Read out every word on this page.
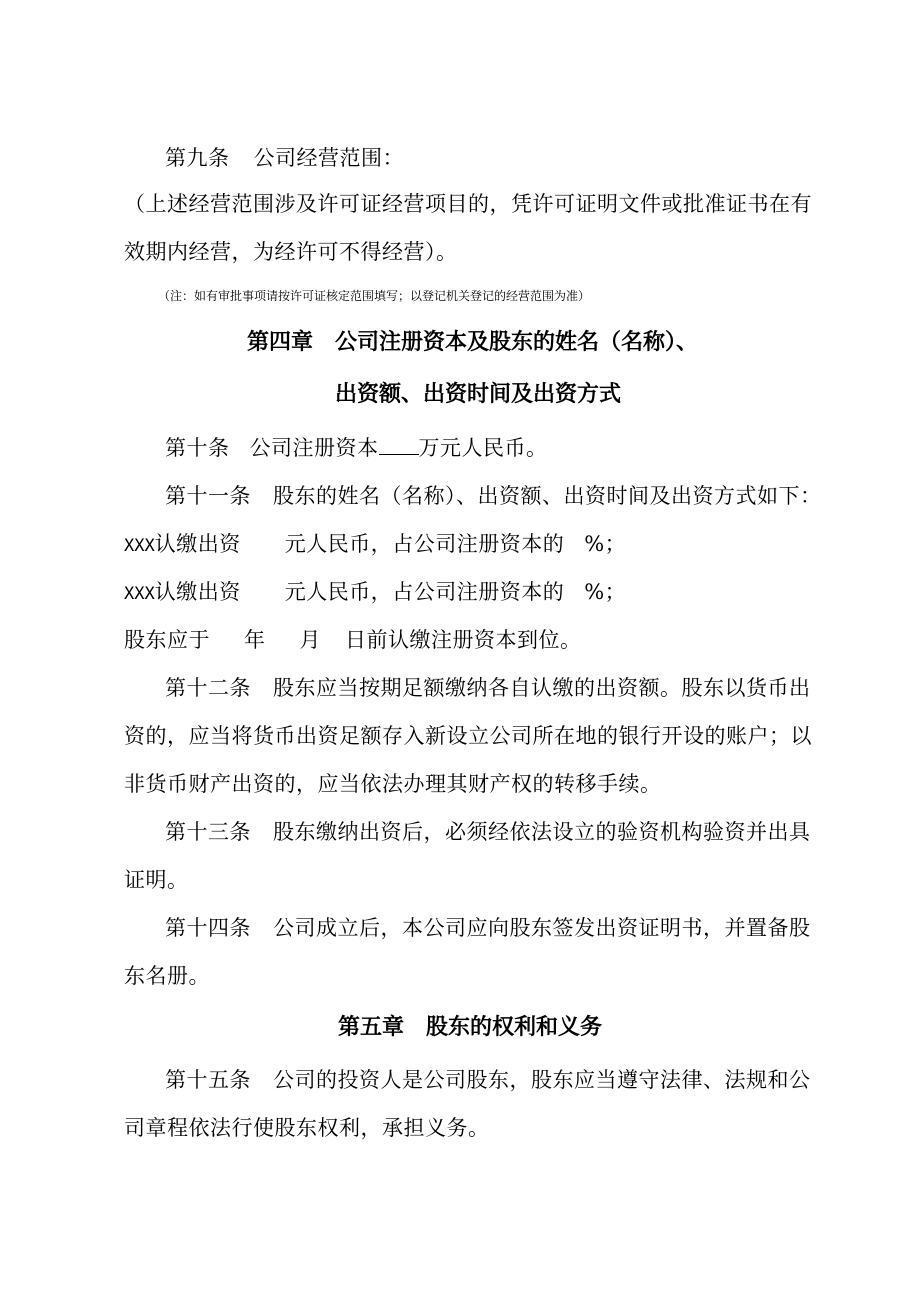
第九条 公司经营范围：
（上述经营范围涉及许可证经营项目的，凭许可证明文件或批准证书在有
效期内经营，为经许可不得经营）。
（注：如有审批事项请按许可证核定范围填写；以登记机关登记的经营范围为准）
第四章　公司注册资本及股东的姓名（名称）、
出资额、出资时间及出资方式
第十条 公司注册资本 万元人民币。
第十一条 股东的姓名（名称）、出资额、出资时间及出资方式如下：
XXX认缴出资 元人民币，占公司注册资本的 %；
XXX认缴出资 元人民币，占公司注册资本的 %；
股东应于 年 月 日前认缴注册资本到位。
第十二条 股东应当按期足额缴纳各自认缴的出资额。股东以货币出
资的，应当将货币出资足额存入新设立公司所在地的银行开设的账户；以
非货币财产出资的，应当依法办理其财产权的转移手续。
第十三条 股东缴纳出资后，必须经依法设立的验资机构验资并出具
证明。
第十四条 公司成立后，本公司应向股东签发出资证明书，并置备股
东名册。
第五章　股东的权利和义务
第十五条 公司的投资人是公司股东，股东应当遵守法律、法规和公
司章程依法行使股东权利，承担义务。
